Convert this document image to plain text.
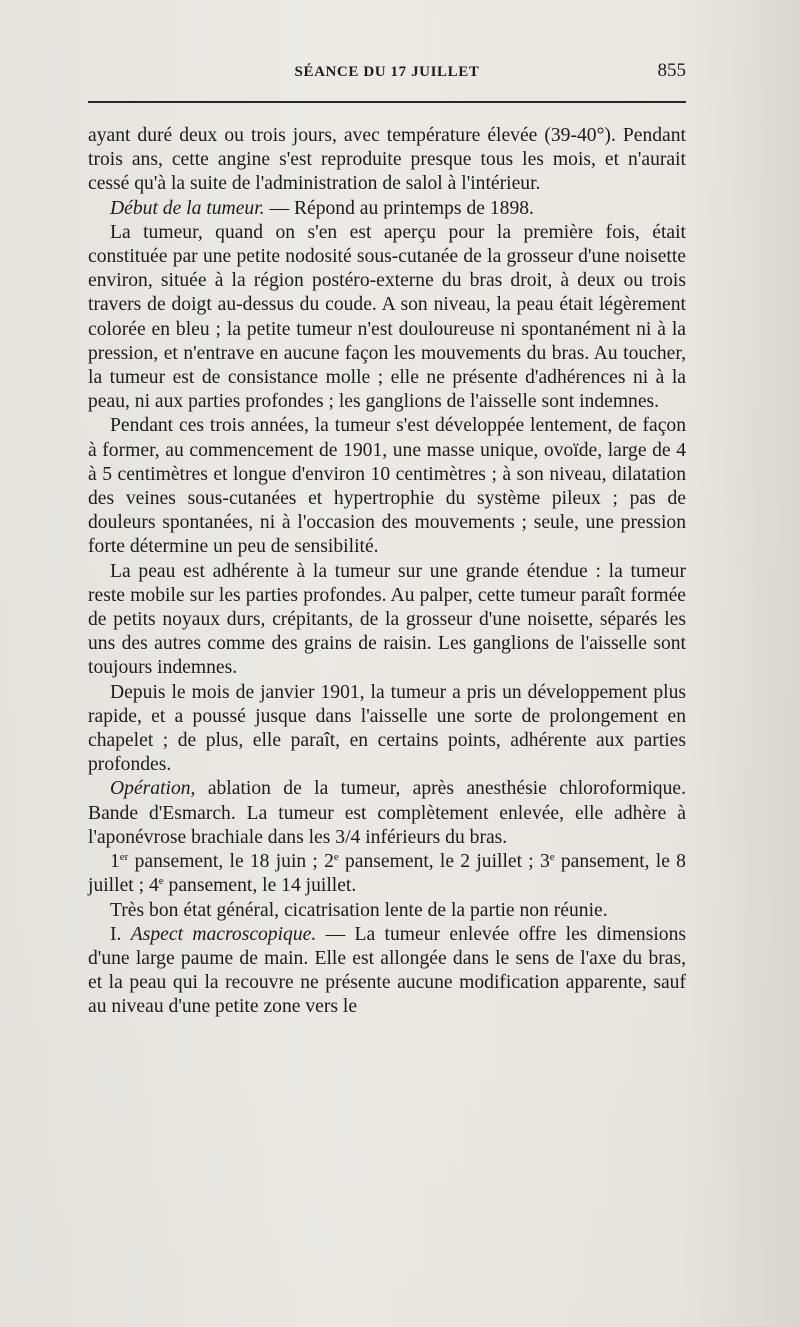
SÉANCE DU 17 JUILLET	855

ayant duré deux ou trois jours, avec température élevée (39-40°). Pendant trois ans, cette angine s'est reproduite presque tous les mois, et n'aurait cessé qu'à la suite de l'administration de salol à l'intérieur.

Début de la tumeur. — Répond au printemps de 1898.

La tumeur, quand on s'en est aperçu pour la première fois, était constituée par une petite nodosité sous-cutanée de la grosseur d'une noisette environ, située à la région postéro-externe du bras droit, à deux ou trois travers de doigt au-dessus du coude. A son niveau, la peau était légèrement colorée en bleu ; la petite tumeur n'est douloureuse ni spontanément ni à la pression, et n'entrave en aucune façon les mouvements du bras. Au toucher, la tumeur est de consistance molle ; elle ne présente d'adhérences ni à la peau, ni aux parties profondes ; les ganglions de l'aisselle sont indemnes.

Pendant ces trois années, la tumeur s'est développée lentement, de façon à former, au commencement de 1901, une masse unique, ovoïde, large de 4 à 5 centimètres et longue d'environ 10 centimètres ; à son niveau, dilatation des veines sous-cutanées et hypertrophie du système pileux ; pas de douleurs spontanées, ni à l'occasion des mouvements ; seule, une pression forte détermine un peu de sensibilité.

La peau est adhérente à la tumeur sur une grande étendue : la tumeur reste mobile sur les parties profondes. Au palper, cette tumeur paraît formée de petits noyaux durs, crépitants, de la grosseur d'une noisette, séparés les uns des autres comme des grains de raisin. Les ganglions de l'aisselle sont toujours indemnes.

Depuis le mois de janvier 1901, la tumeur a pris un développement plus rapide, et a poussé jusque dans l'aisselle une sorte de prolongement en chapelet ; de plus, elle paraît, en certains points, adhérente aux parties profondes.

Opération, ablation de la tumeur, après anesthésie chloroformique. Bande d'Esmarch. La tumeur est complètement enlevée, elle adhère à l'aponévrose brachiale dans les 3/4 inférieurs du bras.

1er pansement, le 18 juin ; 2e pansement, le 2 juillet ; 3e pansement, le 8 juillet ; 4e pansement, le 14 juillet.

Très bon état général, cicatrisation lente de la partie non réunie.

I. Aspect macroscopique. — La tumeur enlevée offre les dimensions d'une large paume de main. Elle est allongée dans le sens de l'axe du bras, et la peau qui la recouvre ne présente aucune modification apparente, sauf au niveau d'une petite zone vers le
